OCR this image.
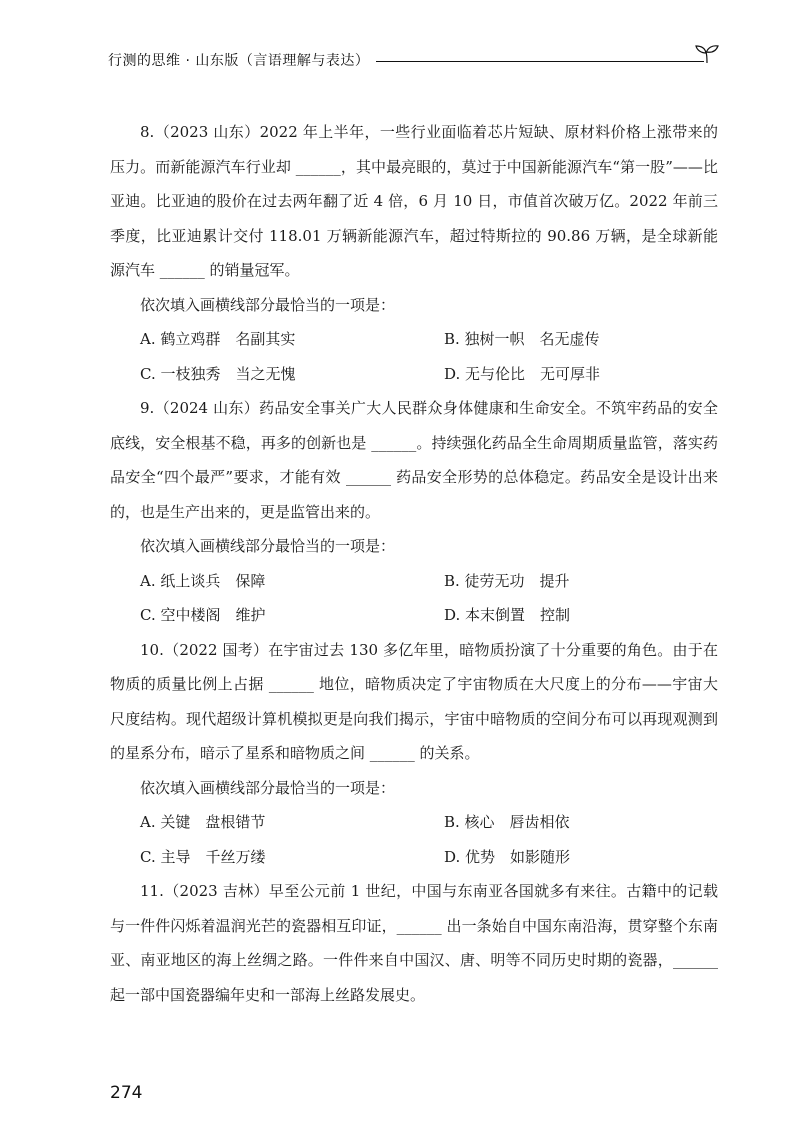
行测的思维 · 山东版（言语理解与表达）

8.（2023 山东）2022 年上半年，一些行业面临着芯片短缺、原材料价格上涨带来的压力。而新能源汽车行业却 ______，其中最亮眼的，莫过于中国新能源汽车“第一股”——比亚迪。比亚迪的股价在过去两年翻了近 4 倍，6 月 10 日，市值首次破万亿。2022 年前三季度，比亚迪累计交付 118.01 万辆新能源汽车，超过特斯拉的 90.86 万辆，是全球新能源汽车 ______ 的销量冠军。

依次填入画横线部分最恰当的一项是：

A. 鹤立鸡群　名副其实	B. 独树一帜　名无虚传
C. 一枝独秀　当之无愧	D. 无与伦比　无可厚非

9.（2024 山东）药品安全事关广大人民群众身体健康和生命安全。不筑牢药品的安全底线，安全根基不稳，再多的创新也是 ______。持续强化药品全生命周期质量监管，落实药品安全“四个最严”要求，才能有效 ______ 药品安全形势的总体稳定。药品安全是设计出来的，也是生产出来的，更是监管出来的。

依次填入画横线部分最恰当的一项是：

A. 纸上谈兵　保障	B. 徒劳无功　提升
C. 空中楼阁　维护	D. 本末倒置　控制

10.（2022 国考）在宇宙过去 130 多亿年里，暗物质扮演了十分重要的角色。由于在物质的质量比例上占据 ______ 地位，暗物质决定了宇宙物质在大尺度上的分布——宇宙大尺度结构。现代超级计算机模拟更是向我们揭示，宇宙中暗物质的空间分布可以再现观测到的星系分布，暗示了星系和暗物质之间 ______ 的关系。

依次填入画横线部分最恰当的一项是：

A. 关键　盘根错节	B. 核心　唇齿相依
C. 主导　千丝万缕	D. 优势　如影随形

11.（2023 吉林）早至公元前 1 世纪，中国与东南亚各国就多有来往。古籍中的记载与一件件闪烁着温润光芒的瓷器相互印证，______ 出一条始自中国东南沿海，贯穿整个东南亚、南亚地区的海上丝绸之路。一件件来自中国汉、唐、明等不同历史时期的瓷器，______ 起一部中国瓷器编年史和一部海上丝路发展史。

274
